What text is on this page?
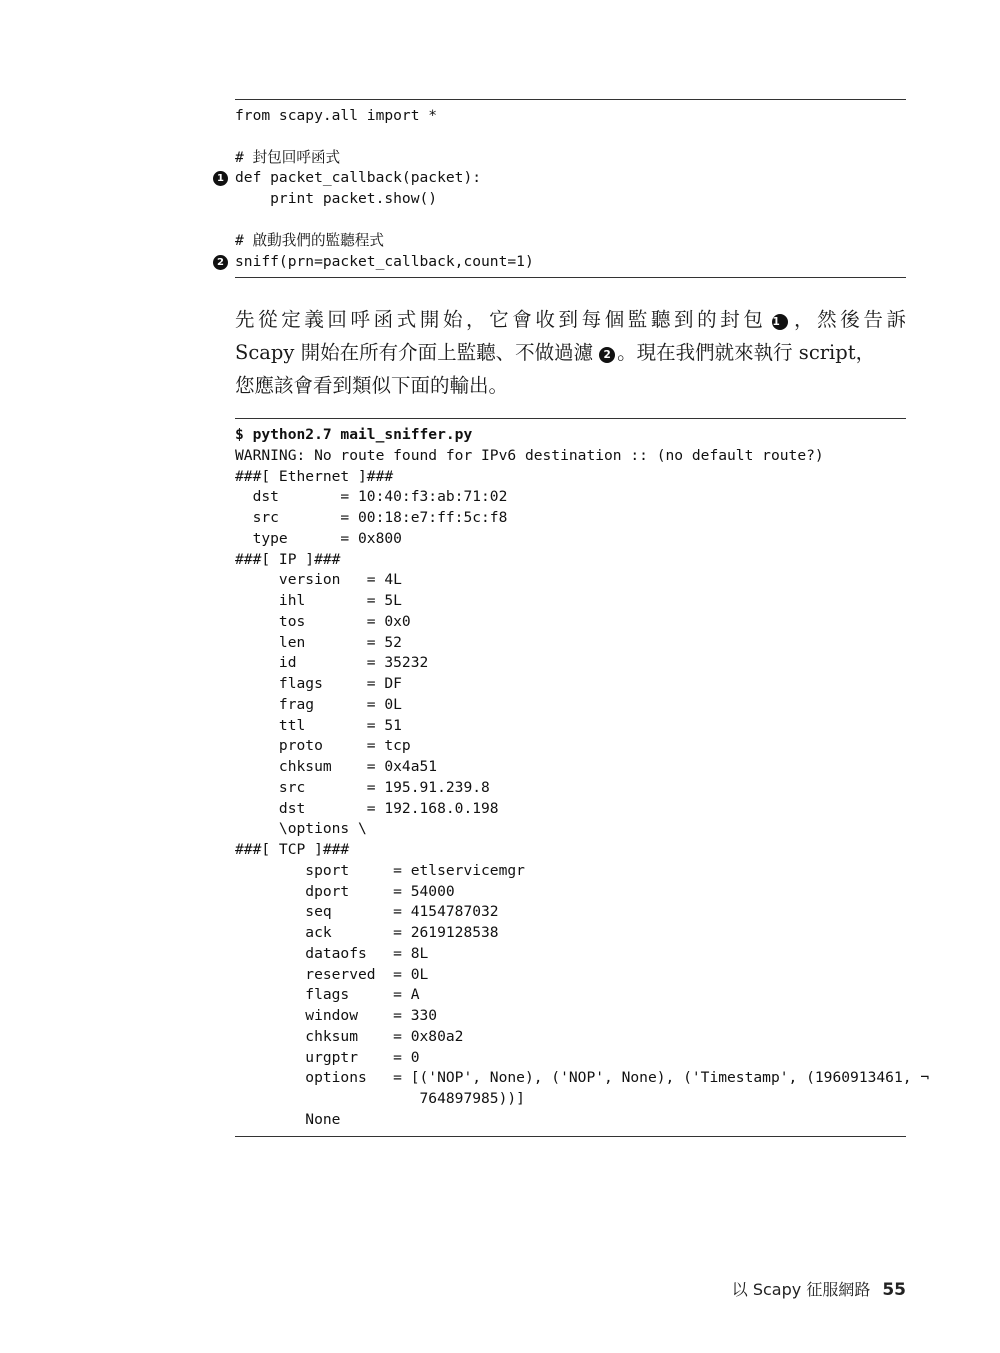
from scapy.all import *
# 封包回呼函式
def packet_callback(packet):
1
print packet.show()
# 啟動我們的監聽程式
sniff(prn=packet_callback,count=1)
2
先從定義回呼函式開始，它會收到每個監聽到的封包 1 ，然後告訴
Scapy 開始在所有介面上監聽、不做過濾 2 。現在我們就來執行 script，
您應該會看到類似下面的輸出。
$ python2.7 mail_sniffer.py
WARNING: No route found for IPv6 destination :: (no default route?)
###[ Ethernet ]###
dst       = 10:40:f3:ab:71:02
src       = 00:18:e7:ff:5c:f8
type      = 0x800
###[ IP ]###
version   = 4L
ihl       = 5L
tos       = 0x0
len       = 52
id        = 35232
flags     = DF
frag      = 0L
ttl       = 51
proto     = tcp
chksum    = 0x4a51
src       = 195.91.239.8
dst       = 192.168.0.198
\options \
###[ TCP ]###
sport     = etlservicemgr
dport     = 54000
seq       = 4154787032
ack       = 2619128538
dataofs   = 8L
reserved  = 0L
flags     = A
window    = 330
chksum    = 0x80a2
urgptr    = 0
options   = [('NOP', None), ('NOP', None), ('Timestamp', (1960913461, ¬
764897985))]
None
以 Scapy 征服網路 55
